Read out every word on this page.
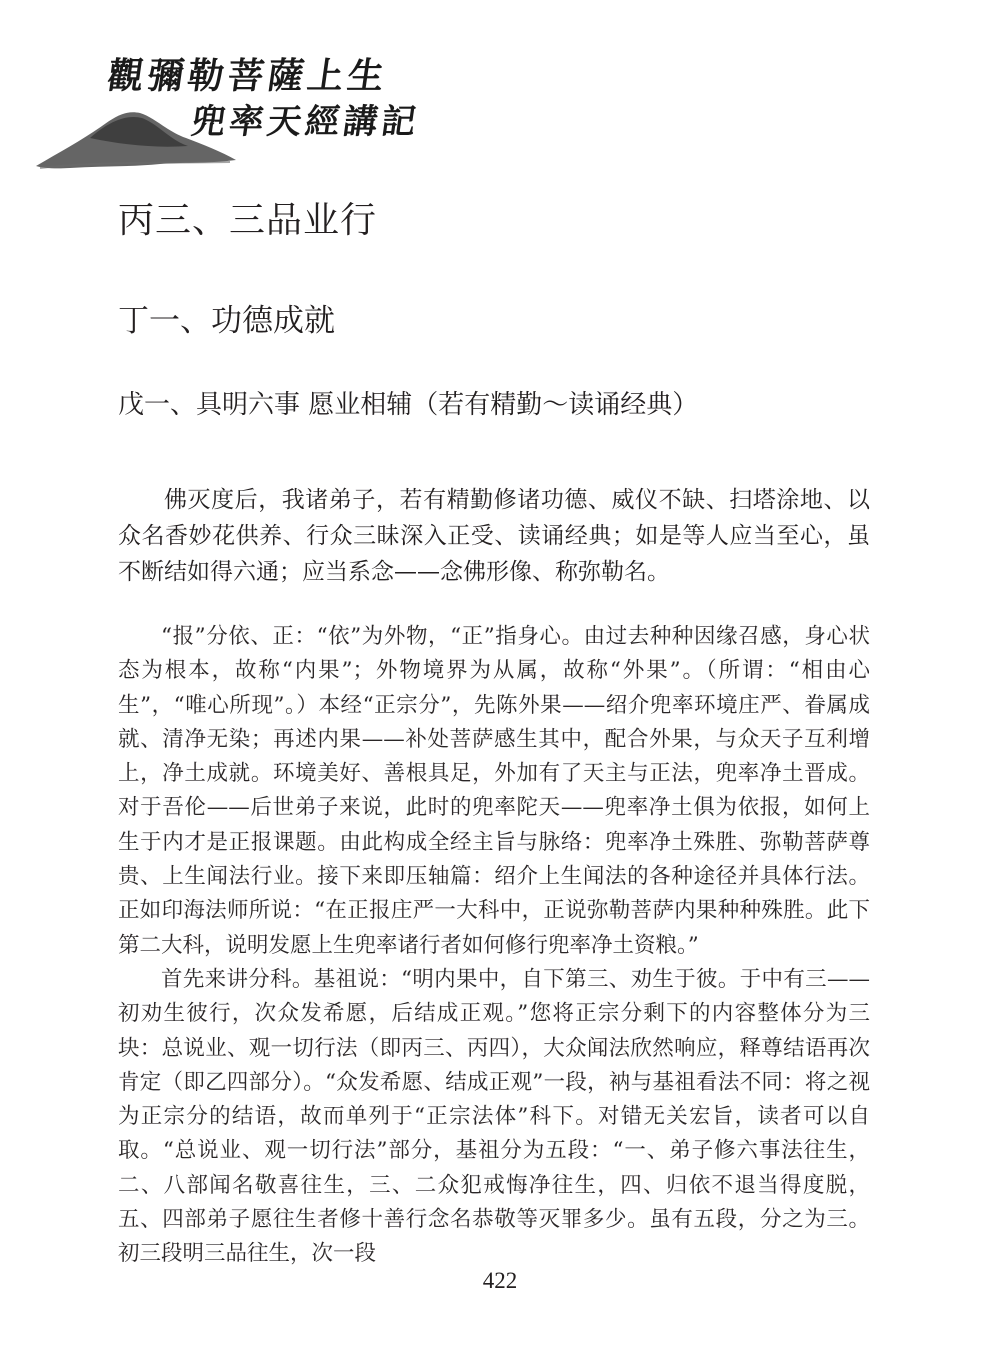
觀彌勒菩薩上生
兜率天經講記
丙三、三品业行
丁一、功德成就
戊一、具明六事 愿业相辅（若有精勤～读诵经典）

佛灭度后，我诸弟子，若有精勤修诸功德、威仪不缺、扫塔涂地、以众名香妙花供养、行众三昧深入正受、读诵经典；如是等人应当至心，虽不断结如得六通；应当系念——念佛形像、称弥勒名。

“报”分依、正：“依”为外物，“正”指身心。由过去种种因缘召感，身心状态为根本，故称“内果”；外物境界为从属，故称“外果”。（所谓：“相由心生”，“唯心所现”。）本经“正宗分”，先陈外果——绍介兜率环境庄严、眷属成就、清净无染；再述内果——补处菩萨感生其中，配合外果，与众天子互利增上，净土成就。环境美好、善根具足，外加有了天主与正法，兜率净土晋成。对于吾伦——后世弟子来说，此时的兜率陀天——兜率净土俱为依报，如何上生于内才是正报课题。由此构成全经主旨与脉络：兜率净土殊胜、弥勒菩萨尊贵、上生闻法行业。接下来即压轴篇：绍介上生闻法的各种途径并具体行法。正如印海法师所说：“在正报庄严一大科中，正说弥勒菩萨内果种种殊胜。此下第二大科，说明发愿上生兜率诸行者如何修行兜率净土资粮。”

首先来讲分科。基祖说：“明内果中，自下第三、劝生于彼。于中有三——初劝生彼行，次众发希愿，后结成正观。”您将正宗分剩下的内容整体分为三块：总说业、观一切行法（即丙三、丙四），大众闻法欣然响应，释尊结语再次肯定（即乙四部分）。“众发希愿、结成正观”一段，衲与基祖看法不同：将之视为正宗分的结语，故而单列于“正宗法体”科下。对错无关宏旨，读者可以自取。“总说业、观一切行法”部分，基祖分为五段：“一、弟子修六事法往生，二、八部闻名敬喜往生，三、二众犯戒悔净往生，四、归依不退当得度脱，五、四部弟子愿往生者修十善行念名恭敬等灭罪多少。虽有五段，分之为三。初三段明三品往生，次一段

422
